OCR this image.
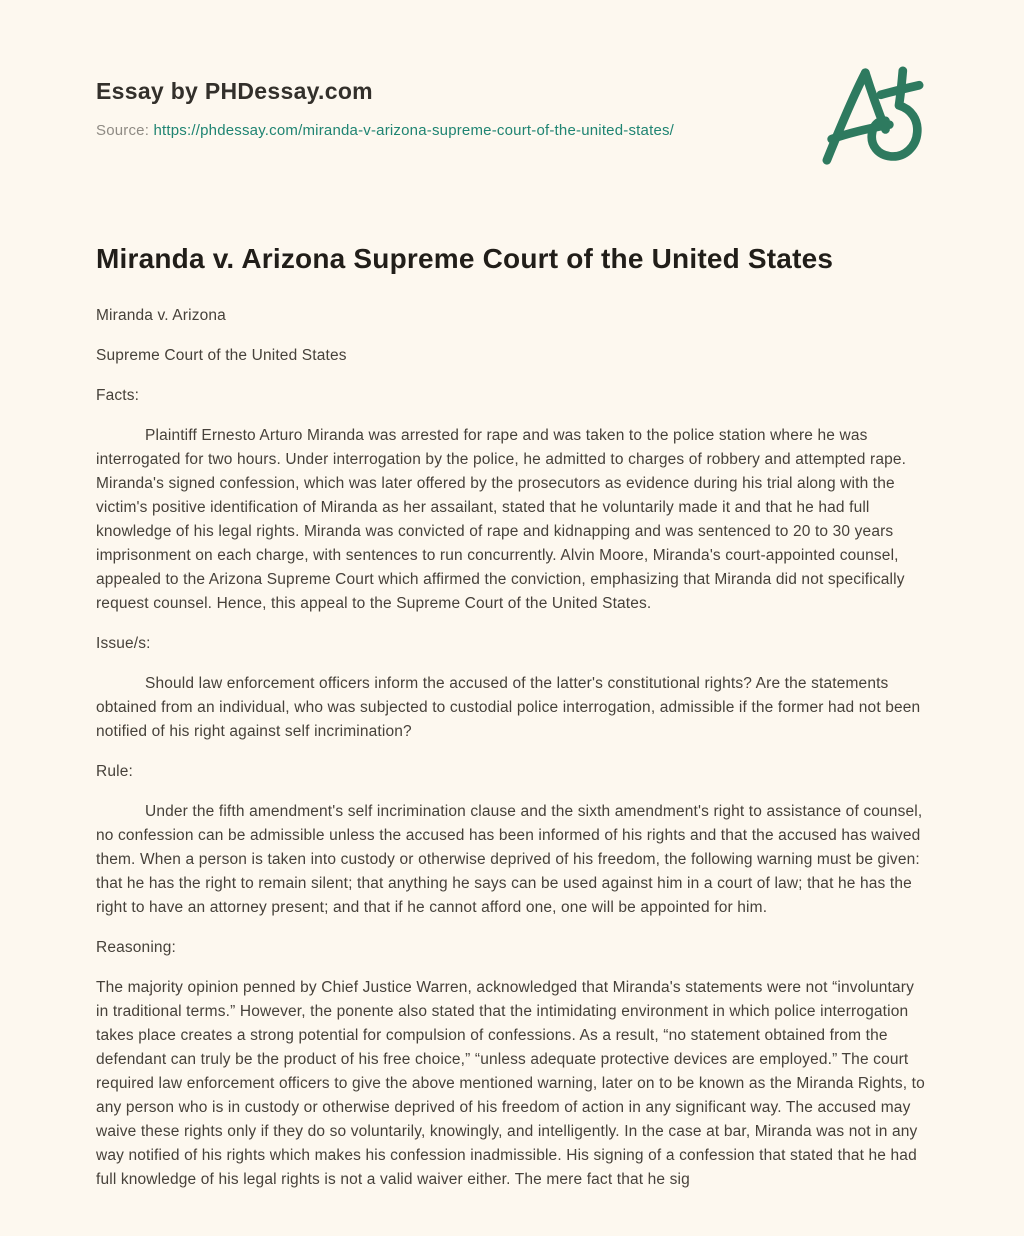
Essay by PHDessay.com

Source: https://phdessay.com/miranda-v-arizona-supreme-court-of-the-united-states/

Miranda v. Arizona Supreme Court of the United States

Miranda v. Arizona

Supreme Court of the United States

Facts:

Plaintiff Ernesto Arturo Miranda was arrested for rape and was taken to the police station where he was interrogated for two hours. Under interrogation by the police, he admitted to charges of robbery and attempted rape. Miranda's signed confession, which was later offered by the prosecutors as evidence during his trial along with the victim's positive identification of Miranda as her assailant, stated that he voluntarily made it and that he had full knowledge of his legal rights. Miranda was convicted of rape and kidnapping and was sentenced to 20 to 30 years imprisonment on each charge, with sentences to run concurrently. Alvin Moore, Miranda's court-appointed counsel, appealed to the Arizona Supreme Court which affirmed the conviction, emphasizing that Miranda did not specifically request counsel. Hence, this appeal to the Supreme Court of the United States.

Issue/s:

Should law enforcement officers inform the accused of the latter's constitutional rights? Are the statements obtained from an individual, who was subjected to custodial police interrogation, admissible if the former had not been notified of his right against self incrimination?

Rule:

Under the fifth amendment's self incrimination clause and the sixth amendment's right to assistance of counsel, no confession can be admissible unless the accused has been informed of his rights and that the accused has waived them. When a person is taken into custody or otherwise deprived of his freedom, the following warning must be given: that he has the right to remain silent; that anything he says can be used against him in a court of law; that he has the right to have an attorney present; and that if he cannot afford one, one will be appointed for him.

Reasoning:

The majority opinion penned by Chief Justice Warren, acknowledged that Miranda's statements were not “involuntary in traditional terms.” However, the ponente also stated that the intimidating environment in which police interrogation takes place creates a strong potential for compulsion of confessions. As a result, “no statement obtained from the defendant can truly be the product of his free choice,” “unless adequate protective devices are employed.” The court required law enforcement officers to give the above mentioned warning, later on to be known as the Miranda Rights, to any person who is in custody or otherwise deprived of his freedom of action in any significant way. The accused may waive these rights only if they do so voluntarily, knowingly, and intelligently. In the case at bar, Miranda was not in any way notified of his rights which makes his confession inadmissible. His signing of a confession that stated that he had full knowledge of his legal rights is not a valid waiver either. The mere fact that he sig
